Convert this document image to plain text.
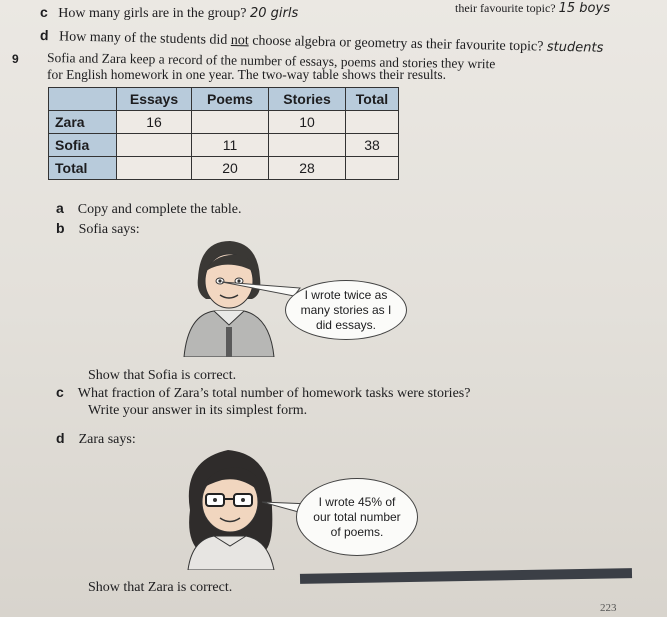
c How many girls are in the group? 20 girls	their favourite topic? 15 boys
d How many of the students did not choose algebra or geometry as their favourite topic? students
9 Sofia and Zara keep a record of the number of essays, poems and stories they write
for English homework in one year. The two-way table shows their results.
	Essays	Poems	Stories	Total
Zara	16		10	
Sofia		11		38
Total		20	28	
a Copy and complete the table.
b Sofia says:
I wrote twice as
many stories as I
did essays.
Show that Sofia is correct.
c What fraction of Zara’s total number of homework tasks were stories?
Write your answer in its simplest form.
d Zara says:
I wrote 45% of
our total number
of poems.
Show that Zara is correct.
223
